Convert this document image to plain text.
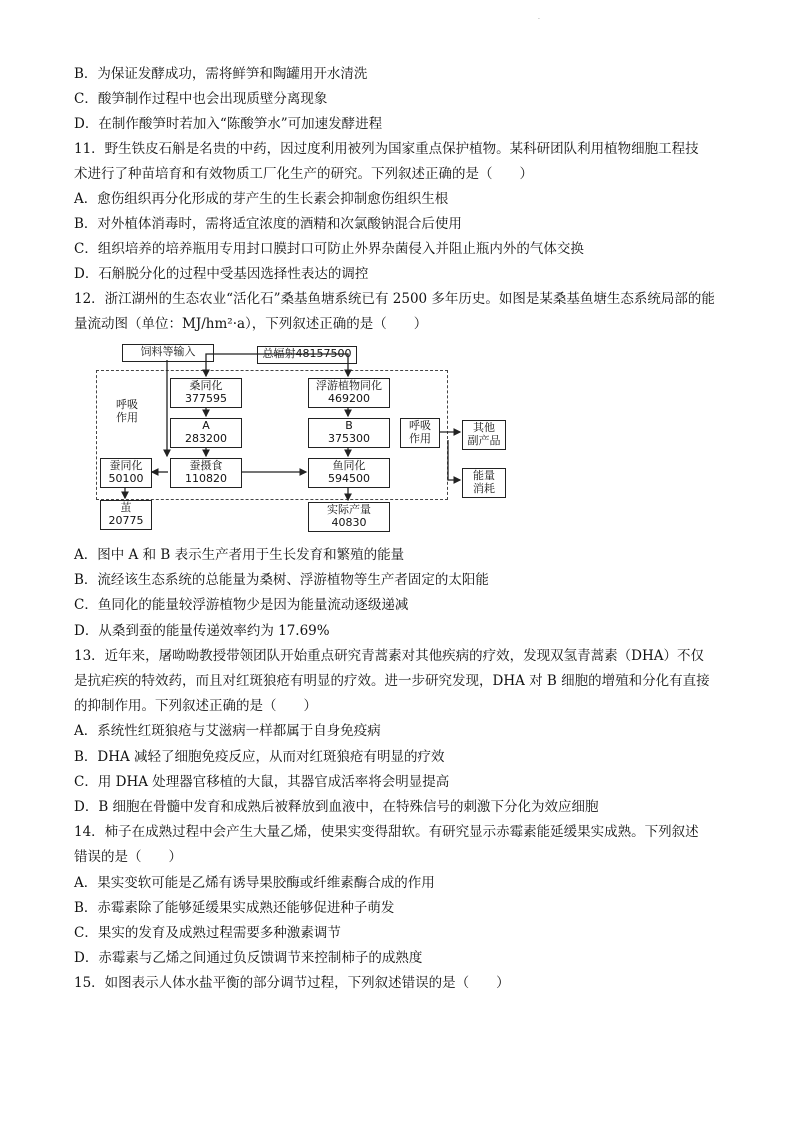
.
B．为保证发酵成功，需将鲜笋和陶罐用开水清洗
C．酸笋制作过程中也会出现质壁分离现象
D．在制作酸笋时若加入“陈酸笋水”可加速发酵进程
11．野生铁皮石斛是名贵的中药，因过度利用被列为国家重点保护植物。某科研团队利用植物细胞工程技
术进行了种苗培育和有效物质工厂化生产的研究。下列叙述正确的是（　　）
A．愈伤组织再分化形成的芽产生的生长素会抑制愈伤组织生根
B．对外植体消毒时，需将适宜浓度的酒精和次氯酸钠混合后使用
C．组织培养的培养瓶用专用封口膜封口可防止外界杂菌侵入并阻止瓶内外的气体交换
D．石斛脱分化的过程中受基因选择性表达的调控
12．浙江湖州的生态农业“活化石”桑基鱼塘系统已有 2500 多年历史。如图是某桑基鱼塘生态系统局部的能
量流动图（单位：MJ/hm²·a），下列叙述正确的是（　　）
饲料等输入	总辐射48157500
桑同化
377595
浮游植物同化
469200
A
283200
B
375300
呼吸
作用
呼吸
作用
蚕同化
50100
蚕摄食
110820
鱼同化
594500
茧
20775
实际产量
40830
其他
副产品
能量
消耗
A．图中 A 和 B 表示生产者用于生长发育和繁殖的能量
B．流经该生态系统的总能量为桑树、浮游植物等生产者固定的太阳能
C．鱼同化的能量较浮游植物少是因为能量流动逐级递减
D．从桑到蚕的能量传递效率约为 17.69%
13．近年来，屠呦呦教授带领团队开始重点研究青蒿素对其他疾病的疗效，发现双氢青蒿素（DHA）不仅
是抗疟疾的特效药，而且对红斑狼疮有明显的疗效。进一步研究发现，DHA 对 B 细胞的增殖和分化有直接
的抑制作用。下列叙述正确的是（　　）
A．系统性红斑狼疮与艾滋病一样都属于自身免疫病
B．DHA 减轻了细胞免疫反应，从而对红斑狼疮有明显的疗效
C．用 DHA 处理器官移植的大鼠，其器官成活率将会明显提高
D．B 细胞在骨髓中发育和成熟后被释放到血液中，在特殊信号的刺激下分化为效应细胞
14．柿子在成熟过程中会产生大量乙烯，使果实变得甜软。有研究显示赤霉素能延缓果实成熟。下列叙述
错误的是（　　）
A．果实变软可能是乙烯有诱导果胶酶或纤维素酶合成的作用
B．赤霉素除了能够延缓果实成熟还能够促进种子萌发
C．果实的发育及成熟过程需要多种激素调节
D．赤霉素与乙烯之间通过负反馈调节来控制柿子的成熟度
15．如图表示人体水盐平衡的部分调节过程，下列叙述错误的是（　　）
